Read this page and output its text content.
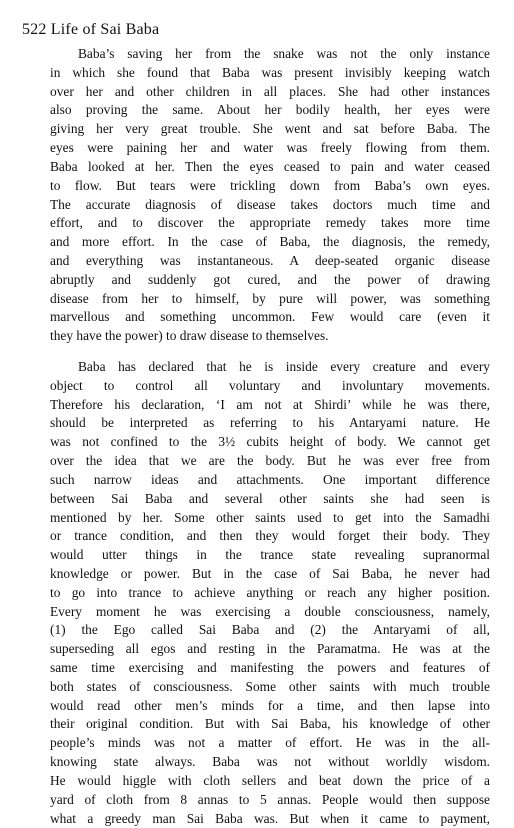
522 Life of Sai Baba
Baba’s saving her from the snake was not the only instance
in which she found that Baba was present invisibly keeping watch
over her and other children in all places. She had other instances
also proving the same. About her bodily health, her eyes were
giving her very great trouble. She went and sat before Baba. The
eyes were paining her and water was freely flowing from them.
Baba looked at her. Then the eyes ceased to pain and water ceased
to flow. But tears were trickling down from Baba’s own eyes.
The accurate diagnosis of disease takes doctors much time and
effort, and to discover the appropriate remedy takes more time
and more effort. In the case of Baba, the diagnosis, the remedy,
and everything was instantaneous. A deep-seated organic disease
abruptly and suddenly got cured, and the power of drawing
disease from her to himself, by pure will power, was something
marvellous and something uncommon. Few would care (even it
they have the power) to draw disease to themselves.
Baba has declared that he is inside every creature and every
object to control all voluntary and involuntary movements.
Therefore his declaration, ‘I am not at Shirdi’ while he was there,
should be interpreted as referring to his Antaryami nature. He
was not confined to the 3½ cubits height of body. We cannot get
over the idea that we are the body. But he was ever free from
such narrow ideas and attachments. One important difference
between Sai Baba and several other saints she had seen is
mentioned by her. Some other saints used to get into the Samadhi
or trance condition, and then they would forget their body. They
would utter things in the trance state revealing supranormal
knowledge or power. But in the case of Sai Baba, he never had
to go into trance to achieve anything or reach any higher position.
Every moment he was exercising a double consciousness, namely,
(1) the Ego called Sai Baba and (2) the Antaryami of all,
superseding all egos and resting in the Paramatma. He was at the
same time exercising and manifesting the powers and features of
both states of consciousness. Some other saints with much trouble
would read other men’s minds for a time, and then lapse into
their original condition. But with Sai Baba, his knowledge of other
people’s minds was not a matter of effort. He was in the all-
knowing state always. Baba was not without worldly wisdom.
He would higgle with cloth sellers and beat down the price of a
yard of cloth from 8 annas to 5 annas. People would then suppose
what a greedy man Sai Baba was. But when it came to payment,
